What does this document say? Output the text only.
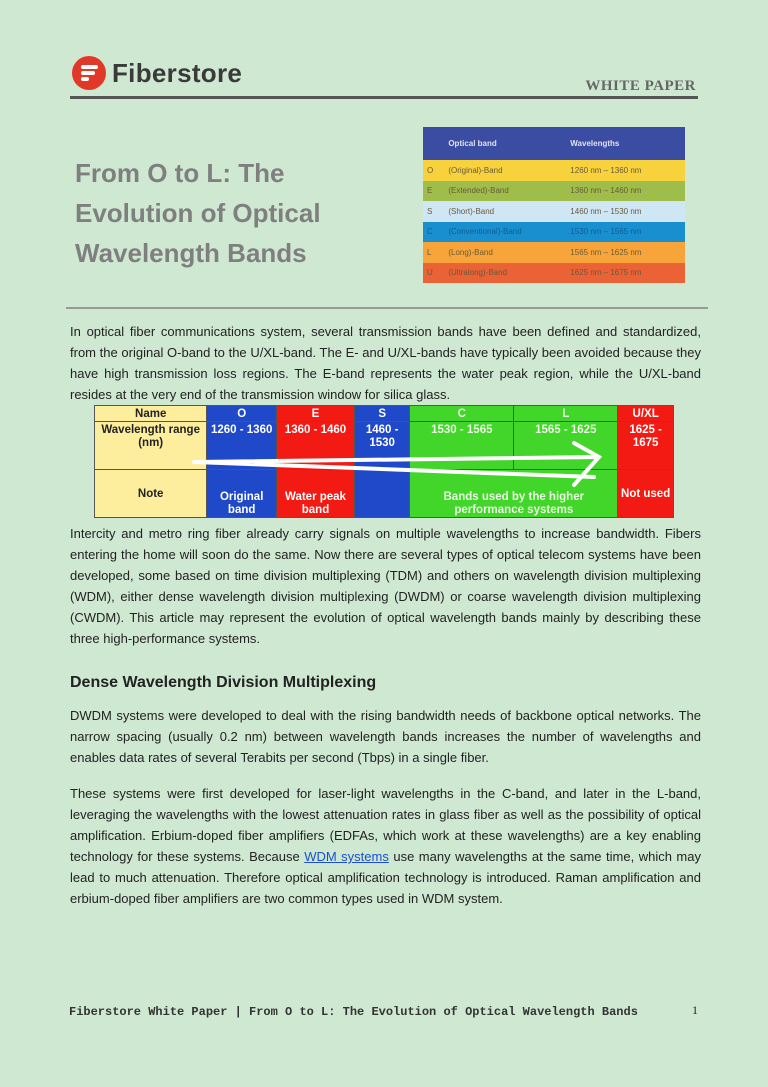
Fiberstore	WHITE PAPER
From O to L: The Evolution of Optical Wavelength Bands
	Optical band	Wavelengths
O	(Original)-Band	1260 nm – 1360 nm
E	(Extended)-Band	1360 nm – 1460 nm
S	(Short)-Band	1460 nm – 1530 nm
C	(Conventional)-Band	1530 nm – 1565 nm
L	(Long)-Band	1565 nm – 1625 nm
U	(Ultralong)-Band	1625 nm – 1675 nm
In optical fiber communications system, several transmission bands have been defined and standardized, from the original O-band to the U/XL-band. The E- and U/XL-bands have typically been avoided because they have high transmission loss regions. The E-band represents the water peak region, while the U/XL-band resides at the very end of the transmission window for silica glass.
Name	O	E	S	C	L	U/XL
Wavelength range (nm)	1260 - 1360	1360 - 1460	1460 - 1530	1530 - 1565	1565 - 1625	1625 - 1675
Note	Original band	Water peak band		Bands used by the higher performance systems		Not used
Intercity and metro ring fiber already carry signals on multiple wavelengths to increase bandwidth. Fibers entering the home will soon do the same. Now there are several types of optical telecom systems have been developed, some based on time division multiplexing (TDM) and others on wavelength division multiplexing (WDM), either dense wavelength division multiplexing (DWDM) or coarse wavelength division multiplexing (CWDM). This article may represent the evolution of optical wavelength bands mainly by describing these three high-performance systems.
Dense Wavelength Division Multiplexing
DWDM systems were developed to deal with the rising bandwidth needs of backbone optical networks. The narrow spacing (usually 0.2 nm) between wavelength bands increases the number of wavelengths and enables data rates of several Terabits per second (Tbps) in a single fiber.
These systems were first developed for laser-light wavelengths in the C-band, and later in the L-band, leveraging the wavelengths with the lowest attenuation rates in glass fiber as well as the possibility of optical amplification. Erbium-doped fiber amplifiers (EDFAs, which work at these wavelengths) are a key enabling technology for these systems. Because WDM systems use many wavelengths at the same time, which may lead to much attenuation. Therefore optical amplification technology is introduced. Raman amplification and erbium-doped fiber amplifiers are two common types used in WDM system.
Fiberstore White Paper | From O to L: The Evolution of Optical Wavelength Bands	1
